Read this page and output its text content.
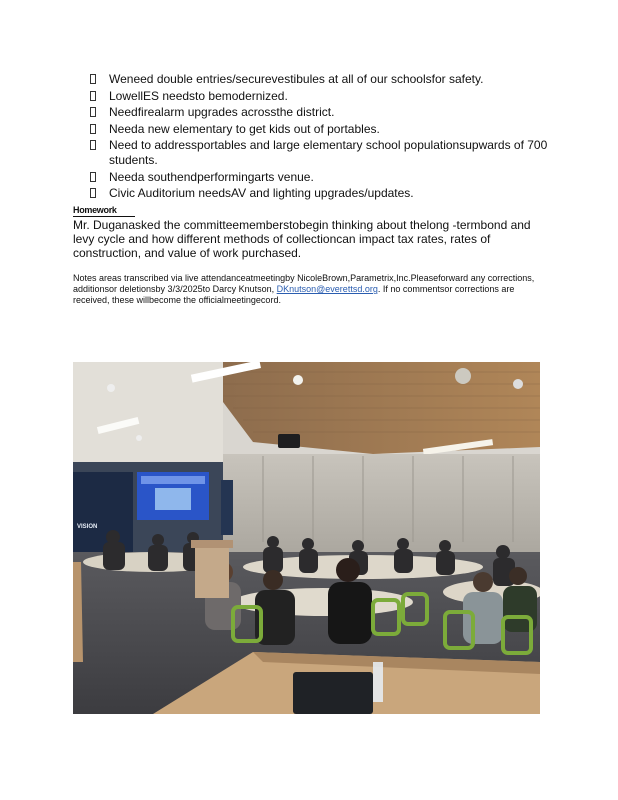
Weneed double entries/securevestibules at all of our schoolsfor safety.
LowellES needsto bemodernized.
Needfirealarm upgrades acrossthe district.
Needa new elementary to get kids out of portables.
Need to addressportables and large elementary school populationsupwards of 700 students.
Needa southendperformingarts venue.
Civic Auditorium needsAV and lighting upgrades/updates.
Homework

Mr. Duganasked the committeememberstobegin thinking about thelong -termbond and levy cycle and how different methods of collectioncan impact tax rates, rates of construction, and value of work purchased.

Notes areas transcribed via live attendanceatmeetingby NicoleBrown,Parametrix,Inc.Pleaseforward any corrections, additionsor deletionsby 3/3/2025to Darcy Knutson, DKnutson@everettsd.org. If no commentsor corrections are received, these willbecome the officialmeetingecord.

VISION
